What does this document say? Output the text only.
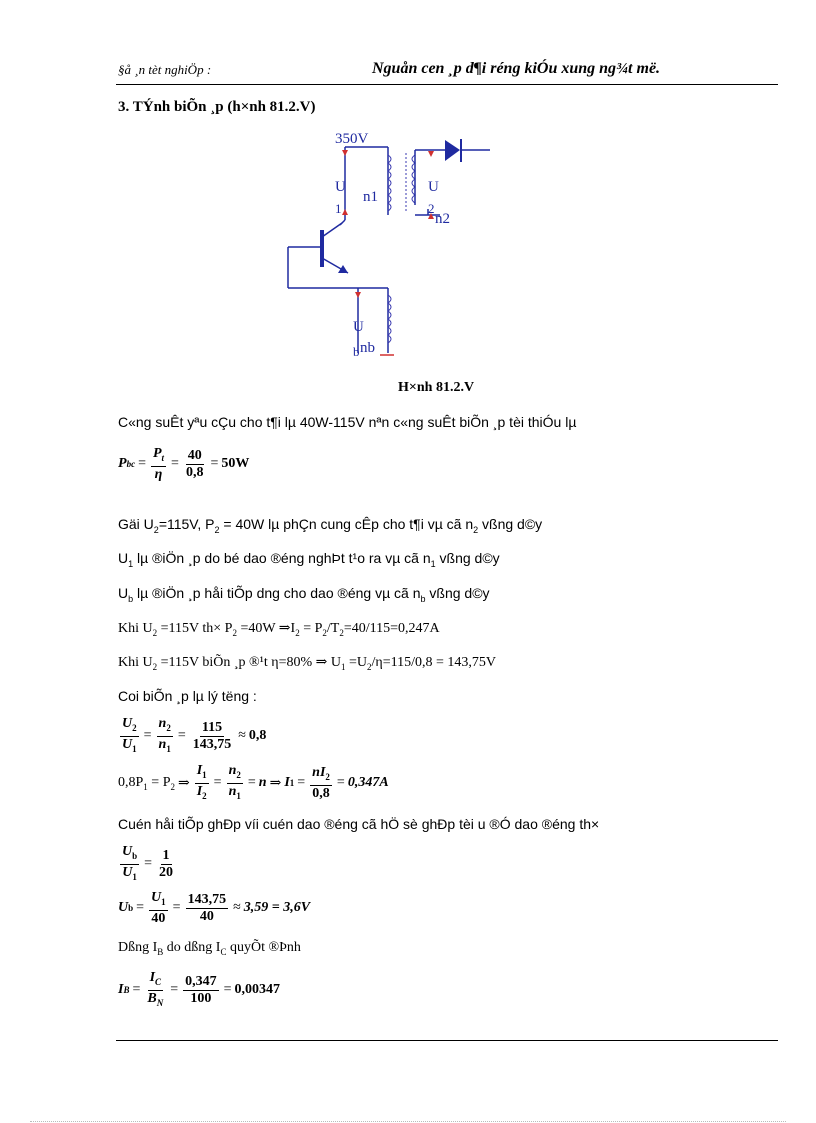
§å ¸n tèt nghiÖp :	Nguån cen ¸p d¶i réng kiÓu xung ng¾t më.
3. TÝnh biÕn ¸p (h×nh 81.2.V)
350V
U
1
n1
U
2
n2
U
b nb
H×nh 81.2.V
C«ng suÊt yªu cÇu cho t¶i lµ 40W-115V nªn c«ng suÊt biÕn ¸p tèi thiÓu lµ
P bc = $\frac{P_t}{\eta} = \frac{40}{0,8} = 50W$
Gäi $U_2=115V$, $P_2 = 40W$ lµ phÇn cung cÊp cho t¶i vµ cã $n_2$ vßng d©y
$U_1$ lµ ®iÖn ¸p do bé dao ®éng nghÞt t¹o ra vµ cã $n_1$ vßng d©y
$U_b$ lµ ®iÖn ¸p håi tiÕp dng cho dao ®éng vµ cã $n_b$ vßng d©y
Khi $U_2 =115V$ $th\times P_2 =40W$ $\Rightarrow I_2 = P_2/T_2=40/115=0,247A$
Khi $U_2 =115V$ biÕn ¸p ®¹t η=80% ⇒ $U_1 =U_2/\eta=115/0,8 = 143,75V$
Coi biÕn ¸p lµ lý tëng :
$\frac{U_2}{U_1} = \frac{n_2}{n_1} = \frac{115}{143,75} \approx 0,8$
$0,8P_1 = P_2$ ⇒ $\frac{I_1}{I_2} = \frac{n_2}{n_1} = n$ ⇒ I $1 = \frac{nI_2}{0,8} = 0,347A$
Cuén håi tiÕp ghÐp víi cuén dao ®éng cã hÖ sè ghÐp tèi u ®Ó dao ®éng th×
$\frac{U_b}{U_1} = \frac{1}{20}$
U $b = \frac{U_1}{40} = \frac{143,75}{40} \approx 3,59 = 3,6V$
Dßng $I_B$ do dßng $I_C$ quyÕt ®Þnh
I $B = \frac{I_C}{B_N} = \frac{0,347}{100} = 0,00347$
